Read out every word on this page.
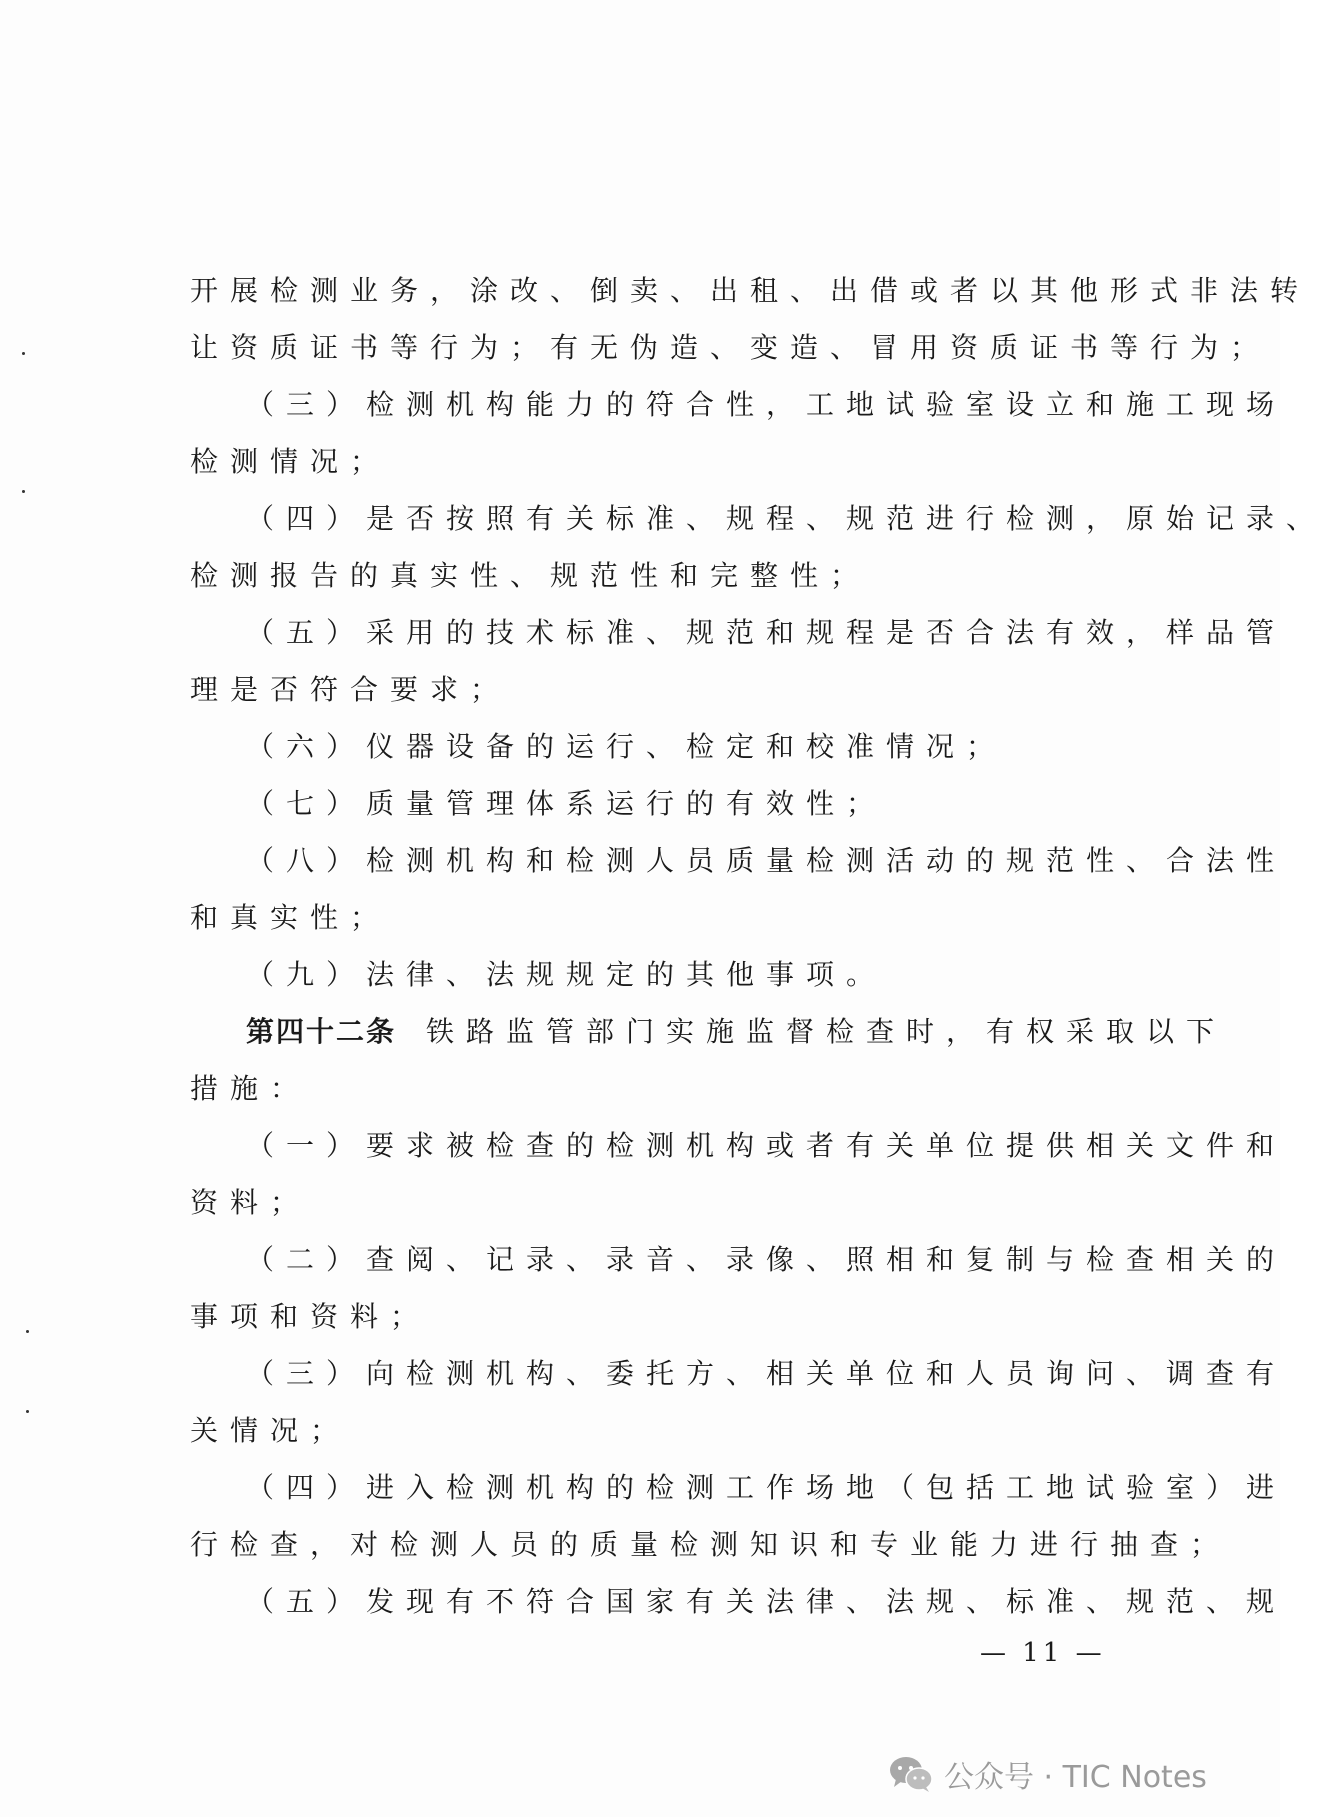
开展检测业务，涂改、倒卖、出租、出借或者以其他形式非法转
让资质证书等行为；有无伪造、变造、冒用资质证书等行为；
（三）检测机构能力的符合性，工地试验室设立和施工现场
检测情况；
（四）是否按照有关标准、规程、规范进行检测，原始记录、
检测报告的真实性、规范性和完整性；
（五）采用的技术标准、规范和规程是否合法有效，样品管
理是否符合要求；
（六）仪器设备的运行、检定和校准情况；
（七）质量管理体系运行的有效性；
（八）检测机构和检测人员质量检测活动的规范性、合法性
和真实性；
（九）法律、法规规定的其他事项。
第四十二条 铁路监管部门实施监督检查时，有权采取以下
措施：
（一）要求被检查的检测机构或者有关单位提供相关文件和
资料；
（二）查阅、记录、录音、录像、照相和复制与检查相关的
事项和资料；
（三）向检测机构、委托方、相关单位和人员询问、调查有
关情况；
（四）进入检测机构的检测工作场地（包括工地试验室）进
行检查，对检测人员的质量检测知识和专业能力进行抽查；
（五）发现有不符合国家有关法律、法规、标准、规范、规
— 11 —
公众号 · TIC Notes
